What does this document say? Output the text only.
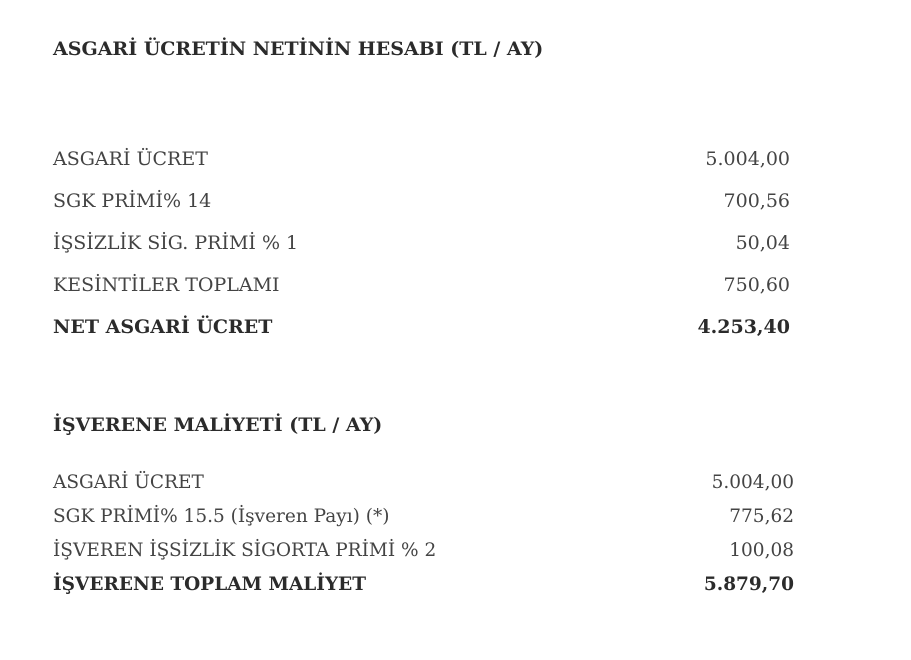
ASGARİ ÜCRETİN NETİNİN HESABI (TL / AY)
ASGARİ ÜCRET	5.004,00
SGK PRİMİ% 14	700,56
İŞSİZLİK SİG. PRİMİ % 1	50,04
KESİNTİLER TOPLAMI	750,60
NET ASGARİ ÜCRET	4.253,40
İŞVERENE MALİYETİ (TL / AY)
ASGARİ ÜCRET	5.004,00
SGK PRİMİ% 15.5 (İşveren Payı) (*)	775,62
İŞVEREN İŞSİZLİK SİGORTA PRİMİ % 2	100,08
İŞVERENE TOPLAM MALİYET	5.879,70
